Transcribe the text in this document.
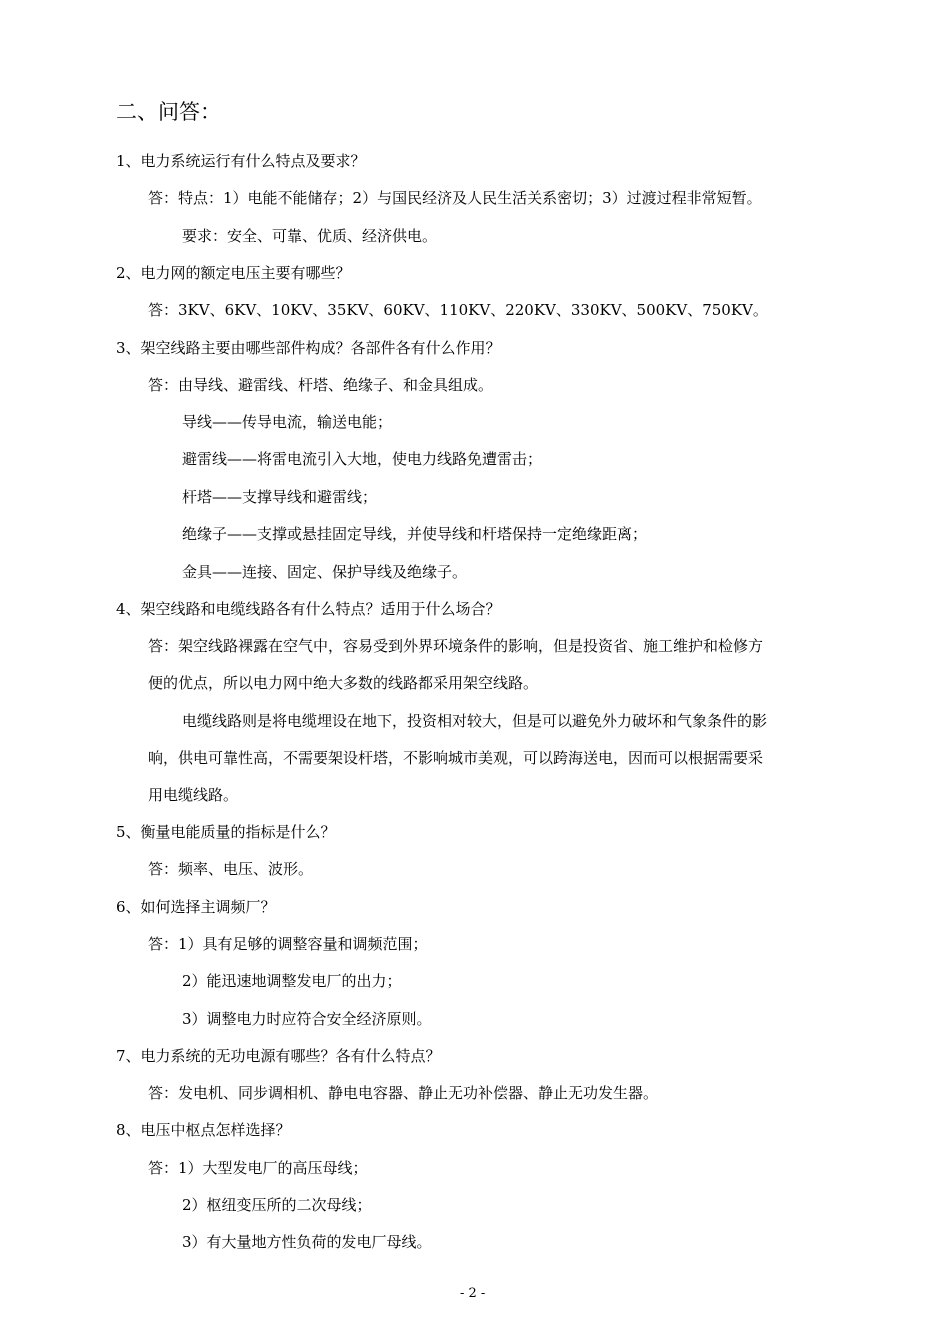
二、问答：
1、电力系统运行有什么特点及要求？
答：特点：1）电能不能储存；2）与国民经济及人民生活关系密切；3）过渡过程非常短暂。
要求：安全、可靠、优质、经济供电。
2、电力网的额定电压主要有哪些？
答：3KV、6KV、10KV、35KV、60KV、110KV、220KV、330KV、500KV、750KV。
3、架空线路主要由哪些部件构成？各部件各有什么作用？
答：由导线、避雷线、杆塔、绝缘子、和金具组成。
导线——传导电流，输送电能；
避雷线——将雷电流引入大地，使电力线路免遭雷击；
杆塔——支撑导线和避雷线；
绝缘子——支撑或悬挂固定导线，并使导线和杆塔保持一定绝缘距离；
金具——连接、固定、保护导线及绝缘子。
4、架空线路和电缆线路各有什么特点？适用于什么场合？
答：架空线路裸露在空气中，容易受到外界环境条件的影响，但是投资省、施工维护和检修方
便的优点，所以电力网中绝大多数的线路都采用架空线路。
电缆线路则是将电缆埋设在地下，投资相对较大，但是可以避免外力破坏和气象条件的影
响，供电可靠性高，不需要架设杆塔，不影响城市美观，可以跨海送电，因而可以根据需要采
用电缆线路。
5、衡量电能质量的指标是什么？
答：频率、电压、波形。
6、如何选择主调频厂？
答：1）具有足够的调整容量和调频范围；
2）能迅速地调整发电厂的出力；
3）调整电力时应符合安全经济原则。
7、电力系统的无功电源有哪些？各有什么特点？
答：发电机、同步调相机、静电电容器、静止无功补偿器、静止无功发生器。
8、电压中枢点怎样选择？
答：1）大型发电厂的高压母线；
2）枢纽变压所的二次母线；
3）有大量地方性负荷的发电厂母线。
- 2 -
